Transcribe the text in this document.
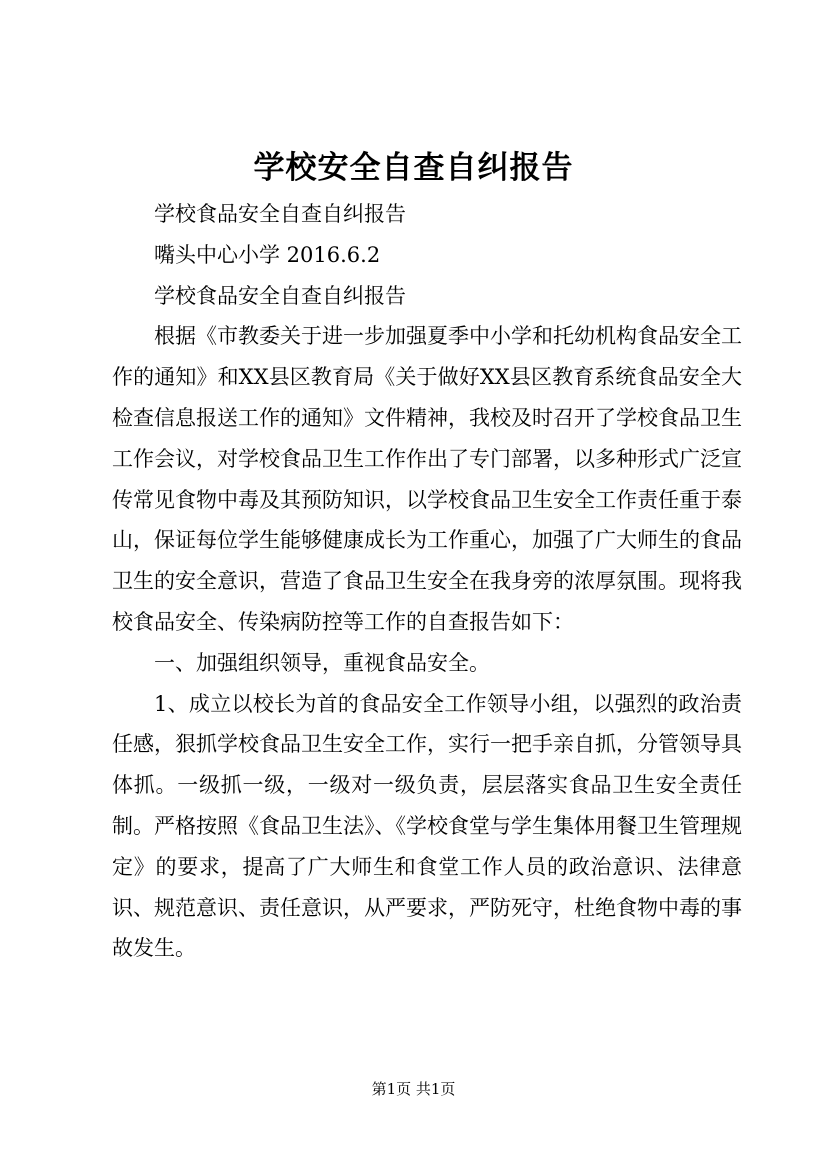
学校安全自查自纠报告

学校食品安全自查自纠报告

嘴头中心小学 2016.6.2

学校食品安全自查自纠报告

根据《市教委关于进一步加强夏季中小学和托幼机构食品安全工作的通知》和XX县区教育局《关于做好XX县区教育系统食品安全大检查信息报送工作的通知》文件精神，我校及时召开了学校食品卫生工作会议，对学校食品卫生工作作出了专门部署，以多种形式广泛宣传常见食物中毒及其预防知识，以学校食品卫生安全工作责任重于泰山，保证每位学生能够健康成长为工作重心，加强了广大师生的食品卫生的安全意识，营造了食品卫生安全在我身旁的浓厚氛围。现将我校食品安全、传染病防控等工作的自查报告如下：

一、加强组织领导，重视食品安全。

1、成立以校长为首的食品安全工作领导小组，以强烈的政治责任感，狠抓学校食品卫生安全工作，实行一把手亲自抓，分管领导具体抓。一级抓一级，一级对一级负责，层层落实食品卫生安全责任制。严格按照《食品卫生法》、《学校食堂与学生集体用餐卫生管理规定》的要求，提高了广大师生和食堂工作人员的政治意识、法律意识、规范意识、责任意识，从严要求，严防死守，杜绝食物中毒的事故发生。

第1页 共1页
